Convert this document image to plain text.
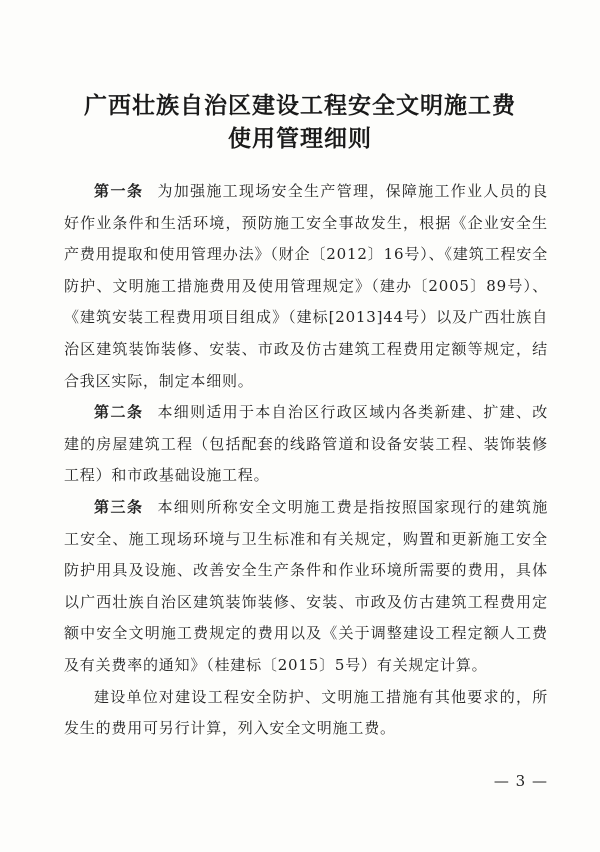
广西壮族自治区建设工程安全文明施工费
使用管理细则

第一条 为加强施工现场安全生产管理，保障施工作业人员的良好作业条件和生活环境，预防施工安全事故发生，根据《企业安全生产费用提取和使用管理办法》（财企〔2012〕16号）、《建筑工程安全防护、文明施工措施费用及使用管理规定》（建办〔2005〕89号）、《建筑安装工程费用项目组成》（建标[2013]44号）以及广西壮族自治区建筑装饰装修、安装、市政及仿古建筑工程费用定额等规定，结合我区实际，制定本细则。

第二条 本细则适用于本自治区行政区域内各类新建、扩建、改建的房屋建筑工程（包括配套的线路管道和设备安装工程、装饰装修工程）和市政基础设施工程。

第三条 本细则所称安全文明施工费是指按照国家现行的建筑施工安全、施工现场环境与卫生标准和有关规定，购置和更新施工安全防护用具及设施、改善安全生产条件和作业环境所需要的费用，具体以广西壮族自治区建筑装饰装修、安装、市政及仿古建筑工程费用定额中安全文明施工费规定的费用以及《关于调整建设工程定额人工费及有关费率的通知》（桂建标〔2015〕5号）有关规定计算。

建设单位对建设工程安全防护、文明施工措施有其他要求的，所发生的费用可另行计算，列入安全文明施工费。

— 3 —
